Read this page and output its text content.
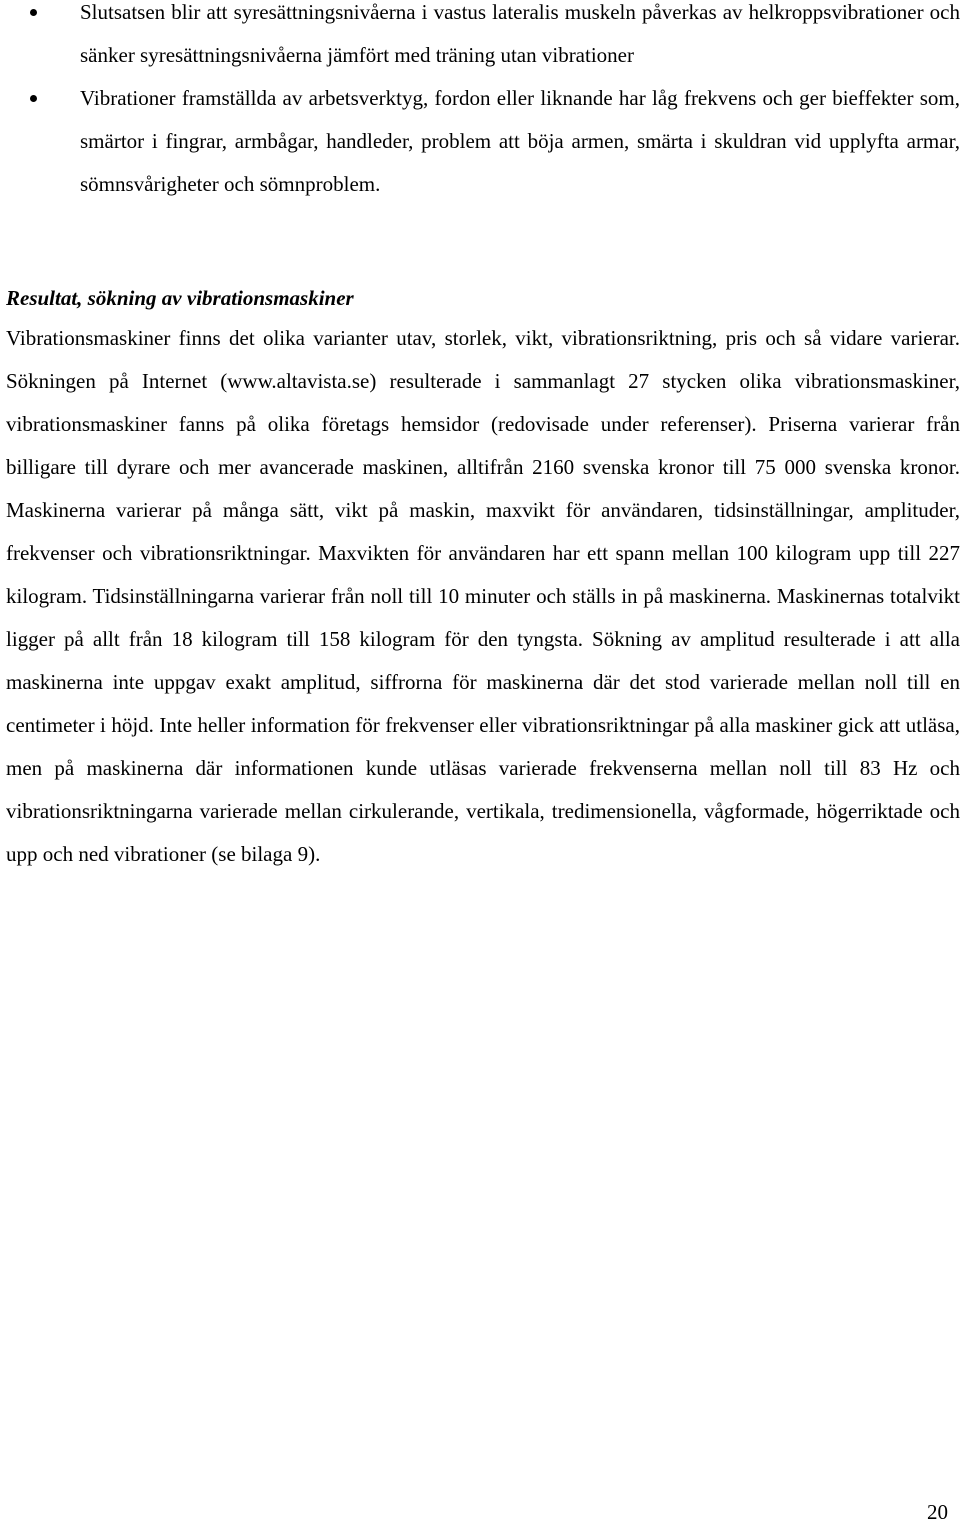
Slutsatsen blir att syresättningsnivåerna i vastus lateralis muskeln påverkas av helkroppsvibrationer och sänker syresättningsnivåerna jämfört med träning utan vibrationer
Vibrationer framställda av arbetsverktyg, fordon eller liknande har låg frekvens och ger bieffekter som, smärtor i fingrar, armbågar, handleder, problem att böja armen, smärta i skuldran vid upplyfta armar, sömnsvårigheter och sömnproblem.

Resultat, sökning av vibrationsmaskiner

Vibrationsmaskiner finns det olika varianter utav, storlek, vikt, vibrationsriktning, pris och så vidare varierar. Sökningen på Internet (www.altavista.se) resulterade i sammanlagt 27 stycken olika vibrationsmaskiner, vibrationsmaskiner fanns på olika företags hemsidor (redovisade under referenser). Priserna varierar från billigare till dyrare och mer avancerade maskinen, alltifrån 2160 svenska kronor till 75 000 svenska kronor. Maskinerna varierar på många sätt, vikt på maskin, maxvikt för användaren, tidsinställningar, amplituder, frekvenser och vibrationsriktningar. Maxvikten för användaren har ett spann mellan 100 kilogram upp till 227 kilogram. Tidsinställningarna varierar från noll till 10 minuter och ställs in på maskinerna. Maskinernas totalvikt ligger på allt från 18 kilogram till 158 kilogram för den tyngsta. Sökning av amplitud resulterade i att alla maskinerna inte uppgav exakt amplitud, siffrorna för maskinerna där det stod varierade mellan noll till en centimeter i höjd. Inte heller information för frekvenser eller vibrationsriktningar på alla maskiner gick att utläsa, men på maskinerna där informationen kunde utläsas varierade frekvenserna mellan noll till 83 Hz och vibrationsriktningarna varierade mellan cirkulerande, vertikala, tredimensionella, vågformade, högerriktade och upp och ned vibrationer (se bilaga 9).

20
